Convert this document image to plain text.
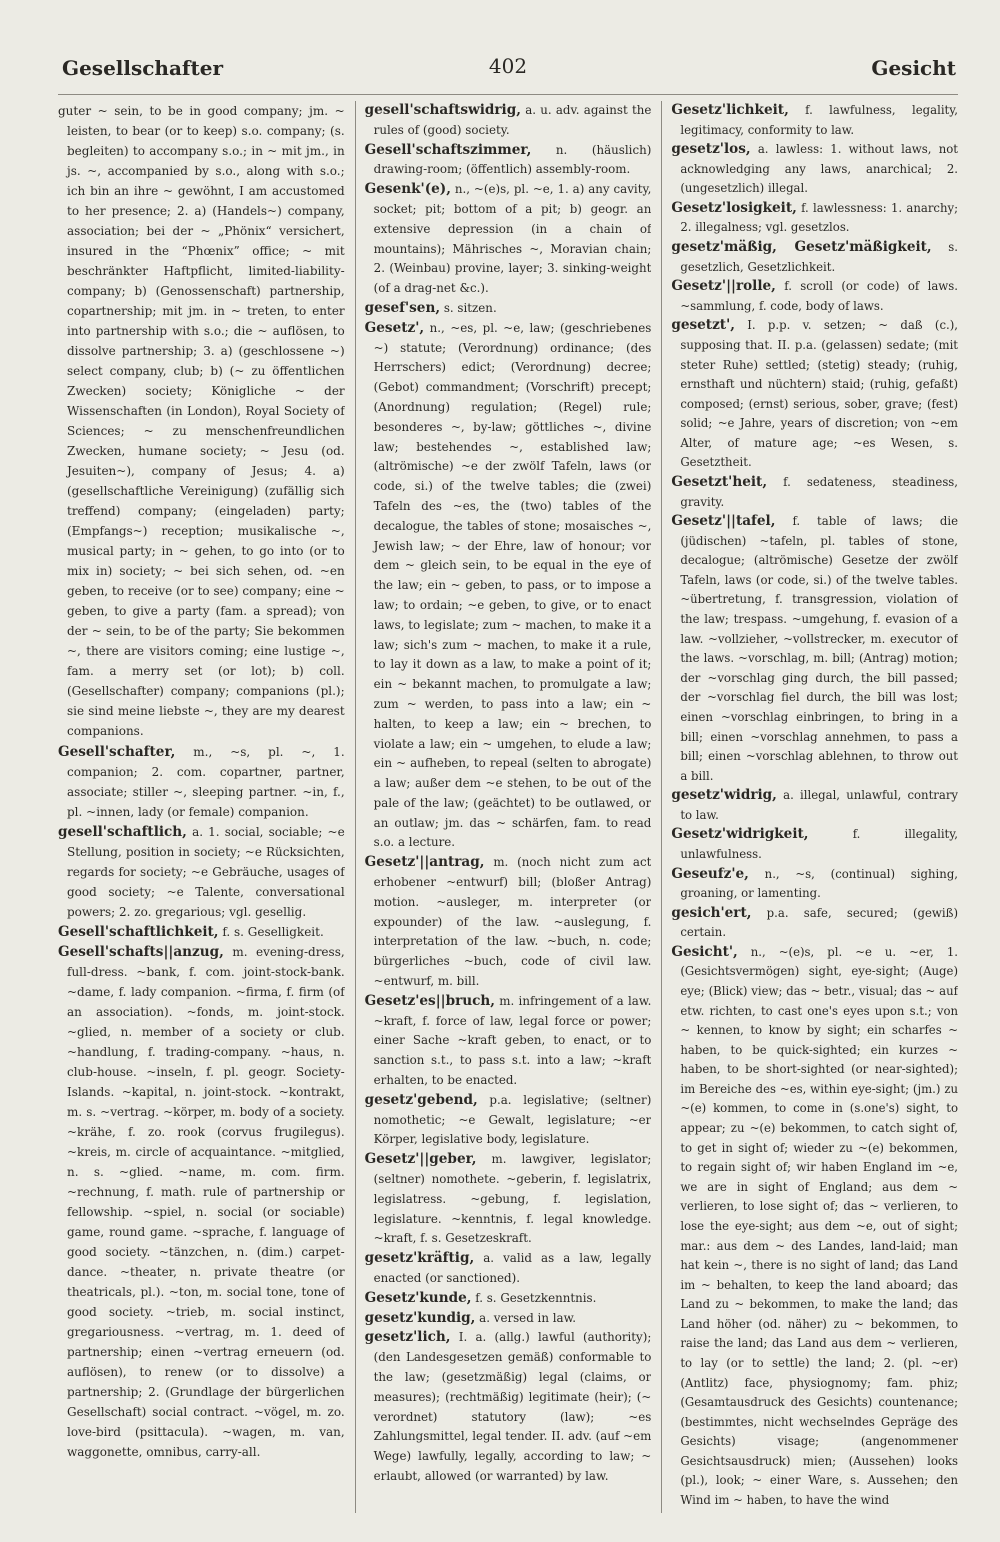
Gesellschafter	402	Gesicht

guter ~ sein, to be in good company; jm. ~ leisten, to bear (or to keep) s.o. company; (s. begleiten) to accompany s.o.; in ~ mit jm., in js. ~, accompanied by s.o., along with s.o.; ich bin an ihre ~ gewöhnt, I am accustomed to her presence; 2. a) (Handels~) company, association; bei der ~ „Phönix“ versichert, insured in the “Phœnix” office; ~ mit beschränkter Haftpflicht, limited-liability-company; b) (Genossenschaft) partnership, copartnership; mit jm. in ~ treten, to enter into partnership with s.o.; die ~ auflösen, to dissolve partnership; 3. a) (geschlossene ~) select company, club; b) (~ zu öffentlichen Zwecken) society; Königliche ~ der Wissenschaften (in London), Royal Society of Sciences; ~ zu menschenfreundlichen Zwecken, humane society; ~ Jesu (od. Jesuiten~), company of Jesus; 4. a) (gesellschaftliche Vereinigung) (zufällig sich treffend) company; (eingeladen) party; (Empfangs~) reception; musikalische ~, musical party; in ~ gehen, to go into (or to mix in) society; ~ bei sich sehen, od. ~en geben, to receive (or to see) company; eine ~ geben, to give a party (fam. a spread); von der ~ sein, to be of the party; Sie bekommen ~, there are visitors coming; eine lustige ~, fam. a merry set (or lot); b) coll. (Gesellschafter) company; companions (pl.); sie sind meine liebste ~, they are my dearest companions.

Gesell'schafter, m., ~s, pl. ~, 1. companion; 2. com. copartner, partner, associate; stiller ~, sleeping partner. ~in, f., pl. ~innen, lady (or female) companion.

gesell'schaftlich, a. 1. social, sociable; ~e Stellung, position in society; ~e Rücksichten, regards for society; ~e Gebräuche, usages of good society; ~e Talente, conversational powers; 2. zo. gregarious; vgl. gesellig.

Gesell'schaftlichkeit, f. s. Geselligkeit.

Gesell'schafts||anzug, m. evening-dress, full-dress. ~bank, f. com. joint-stock-bank. ~dame, f. lady companion. ~firma, f. firm (of an association). ~fonds, m. joint-stock. ~glied, n. member of a society or club. ~handlung, f. trading-company. ~haus, n. club-house. ~inseln, f. pl. geogr. Society-Islands. ~kapital, n. joint-stock. ~kontrakt, m. s. ~vertrag. ~körper, m. body of a society. ~krähe, f. zo. rook (corvus frugilegus). ~kreis, m. circle of acquaintance. ~mitglied, n. s. ~glied. ~name, m. com. firm. ~rechnung, f. math. rule of partnership or fellowship. ~spiel, n. social (or sociable) game, round game. ~sprache, f. language of good society. ~tänzchen, n. (dim.) carpet-dance. ~theater, n. private theatre (or theatricals, pl.). ~ton, m. social tone, tone of good society. ~trieb, m. social instinct, gregariousness. ~vertrag, m. 1. deed of partnership; einen ~vertrag erneuern (od. auflösen), to renew (or to dissolve) a partnership; 2. (Grundlage der bürgerlichen Gesellschaft) social contract. ~vögel, m. zo. love-bird (psittacula). ~wagen, m. van, waggonette, omnibus, carry-all.

gesell'schaftswidrig, a. u. adv. against the rules of (good) society.

Gesell'schaftszimmer, n. (häuslich) drawing-room; (öffentlich) assembly-room.

Gesenk'(e), n., ~(e)s, pl. ~e, 1. a) any cavity, socket; pit; bottom of a pit; b) geogr. an extensive depression (in a chain of mountains); Mährisches ~, Moravian chain; 2. (Weinbau) provine, layer; 3. sinking-weight (of a drag-net &c.).

gesef'sen, s. sitzen.

Gesetz', n., ~es, pl. ~e, law; (geschriebenes ~) statute; (Verordnung) ordinance; (des Herrschers) edict; (Verordnung) decree; (Gebot) commandment; (Vorschrift) precept; (Anordnung) regulation; (Regel) rule; besonderes ~, by-law; göttliches ~, divine law; bestehendes ~, established law; (altrömische) ~e der zwölf Tafeln, laws (or code, si.) of the twelve tables; die (zwei) Tafeln des ~es, the (two) tables of the decalogue, the tables of stone; mosaisches ~, Jewish law; ~ der Ehre, law of honour; vor dem ~ gleich sein, to be equal in the eye of the law; ein ~ geben, to pass, or to impose a law; to ordain; ~e geben, to give, or to enact laws, to legislate; zum ~ machen, to make it a law; sich's zum ~ machen, to make it a rule, to lay it down as a law, to make a point of it; ein ~ bekannt machen, to promulgate a law; zum ~ werden, to pass into a law; ein ~ halten, to keep a law; ein ~ brechen, to violate a law; ein ~ umgehen, to elude a law; ein ~ aufheben, to repeal (selten to abrogate) a law; außer dem ~e stehen, to be out of the pale of the law; (geächtet) to be outlawed, or an outlaw; jm. das ~ schärfen, fam. to read s.o. a lecture.

Gesetz'||antrag, m. (noch nicht zum act erhobener ~entwurf) bill; (bloßer Antrag) motion. ~ausleger, m. interpreter (or expounder) of the law. ~auslegung, f. interpretation of the law. ~buch, n. code; bürgerliches ~buch, code of civil law. ~entwurf, m. bill.

Gesetz'es||bruch, m. infringement of a law. ~kraft, f. force of law, legal force or power; einer Sache ~kraft geben, to enact, or to sanction s.t., to pass s.t. into a law; ~kraft erhalten, to be enacted.

gesetz'gebend, p.a. legislative; (seltner) nomothetic; ~e Gewalt, legislature; ~er Körper, legislative body, legislature.

Gesetz'||geber, m. lawgiver, legislator; (seltner) nomothete. ~geberin, f. legislatrix, legislatress. ~gebung, f. legislation, legislature. ~kenntnis, f. legal knowledge. ~kraft, f. s. Gesetzeskraft.

gesetz'kräftig, a. valid as a law, legally enacted (or sanctioned).

Gesetz'kunde, f. s. Gesetzkenntnis.

gesetz'kundig, a. versed in law.

gesetz'lich, I. a. (allg.) lawful (authority); (den Landesgesetzen gemäß) conformable to the law; (gesetzmäßig) legal (claims, or measures); (rechtmäßig) legitimate (heir); (~ verordnet) statutory (law); ~es Zahlungsmittel, legal tender. II. adv. (auf ~em Wege) lawfully, legally, according to law; ~ erlaubt, allowed (or warranted) by law.

Gesetz'lichkeit, f. lawfulness, legality, legitimacy, conformity to law.

gesetz'los, a. lawless: 1. without laws, not acknowledging any laws, anarchical; 2. (ungesetzlich) illegal.

Gesetz'losigkeit, f. lawlessness: 1. anarchy; 2. illegalness; vgl. gesetzlos.

gesetz'mäßig, Gesetz'mäßigkeit, s. gesetzlich, Gesetzlichkeit.

Gesetz'||rolle, f. scroll (or code) of laws. ~sammlung, f. code, body of laws.

gesetzt', I. p.p. v. setzen; ~ daß (c.), supposing that. II. p.a. (gelassen) sedate; (mit steter Ruhe) settled; (stetig) steady; (ruhig, ernsthaft und nüchtern) staid; (ruhig, gefaßt) composed; (ernst) serious, sober, grave; (fest) solid; ~e Jahre, years of discretion; von ~em Alter, of mature age; ~es Wesen, s. Gesetztheit.

Gesetzt'heit, f. sedateness, steadiness, gravity.

Gesetz'||tafel, f. table of laws; die (jüdischen) ~tafeln, pl. tables of stone, decalogue; (altrömische) Gesetze der zwölf Tafeln, laws (or code, si.) of the twelve tables. ~übertretung, f. transgression, violation of the law; trespass. ~umgehung, f. evasion of a law. ~vollzieher, ~vollstrecker, m. executor of the laws. ~vorschlag, m. bill; (Antrag) motion; der ~vorschlag ging durch, the bill passed; der ~vorschlag fiel durch, the bill was lost; einen ~vorschlag einbringen, to bring in a bill; einen ~vorschlag annehmen, to pass a bill; einen ~vorschlag ablehnen, to throw out a bill.

gesetz'widrig, a. illegal, unlawful, contrary to law.

Gesetz'widrigkeit,	f. illegality, unlawfulness.

Geseufz'e, n., ~s, (continual) sighing, groaning, or lamenting.

gesich'ert, p.a. safe, secured; (gewiß) certain.

Gesicht', n., ~(e)s, pl. ~e u. ~er, 1. (Gesichtsvermögen) sight, eye-sight; (Auge) eye; (Blick) view; das ~ betr., visual; das ~ auf etw. richten, to cast one's eyes upon s.t.; von ~ kennen, to know by sight; ein scharfes ~ haben, to be quick-sighted; ein kurzes ~ haben, to be short-sighted (or near-sighted); im Bereiche des ~es, within eye-sight; (jm.) zu ~(e) kommen, to come in (s.one's) sight, to appear; zu ~(e) bekommen, to catch sight of, to get in sight of; wieder zu ~(e) bekommen, to regain sight of; wir haben England im ~e, we are in sight of England; aus dem ~ verlieren, to lose sight of; das ~ verlieren, to lose the eye-sight; aus dem ~e, out of sight; mar.: aus dem ~ des Landes, land-laid; man hat kein ~, there is no sight of land; das Land im ~ behalten, to keep the land aboard; das Land zu ~ bekommen, to make the land; das Land höher (od. näher) zu ~ bekommen, to raise the land; das Land aus dem ~ verlieren, to lay (or to settle) the land; 2. (pl. ~er) (Antlitz) face, physiognomy; fam. phiz; (Gesamtausdruck des Gesichts) countenance; (bestimmtes, nicht wechselndes Gepräge des Gesichts) visage; (angenommener Gesichtsausdruck) mien; (Aussehen) looks (pl.), look; ~ einer Ware, s. Aussehen; den Wind im ~ haben, to have the wind
